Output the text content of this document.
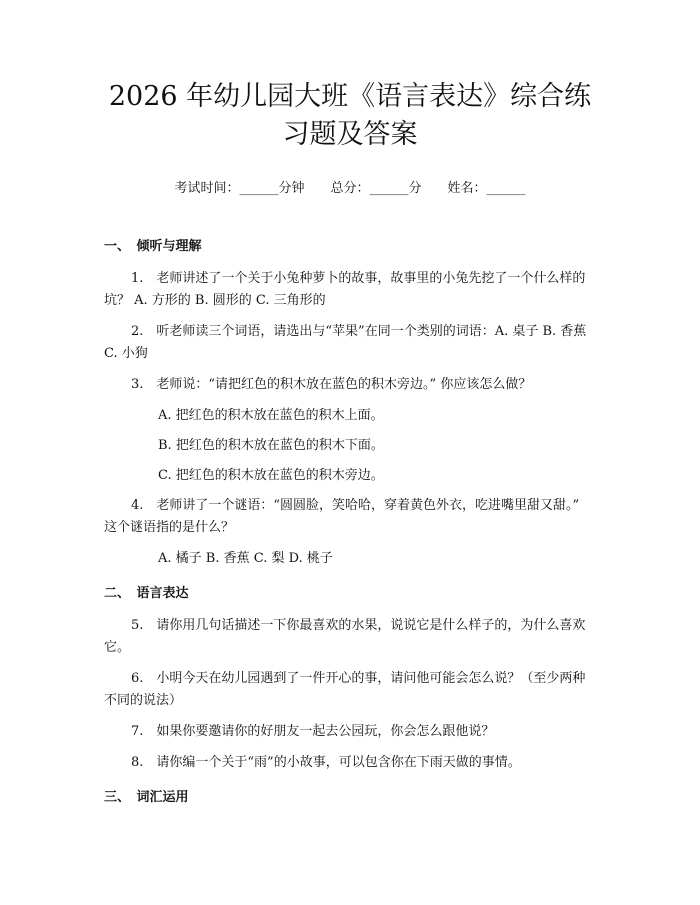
2026 年幼儿园大班《语言表达》综合练习题及答案
考试时间：______分钟　　总分：______分　　姓名：______
一、　倾听与理解

1.　老师讲述了一个关于小兔种萝卜的故事，故事里的小兔先挖了一个什么样的坑？ A. 方形的 B. 圆形的 C. 三角形的

2.　听老师读三个词语，请选出与“苹果”在同一个类别的词语：A. 桌子 B. 香蕉 C. 小狗

3.　老师说：“请把红色的积木放在蓝色的积木旁边。” 你应该怎么做？

A. 把红色的积木放在蓝色的积木上面。

B. 把红色的积木放在蓝色的积木下面。

C. 把红色的积木放在蓝色的积木旁边。

4.　老师讲了一个谜语：“圆圆脸，笑哈哈，穿着黄色外衣，吃进嘴里甜又甜。” 这个谜语指的是什么？

A. 橘子 B. 香蕉 C. 梨 D. 桃子

二、　语言表达

5.　请你用几句话描述一下你最喜欢的水果，说说它是什么样子的，为什么喜欢它。

6.　小明今天在幼儿园遇到了一件开心的事，请问他可能会怎么说？（至少两种不同的说法）

7.　如果你要邀请你的好朋友一起去公园玩，你会怎么跟他说？

8.　请你编一个关于“雨”的小故事，可以包含你在下雨天做的事情。

三、　词汇运用
